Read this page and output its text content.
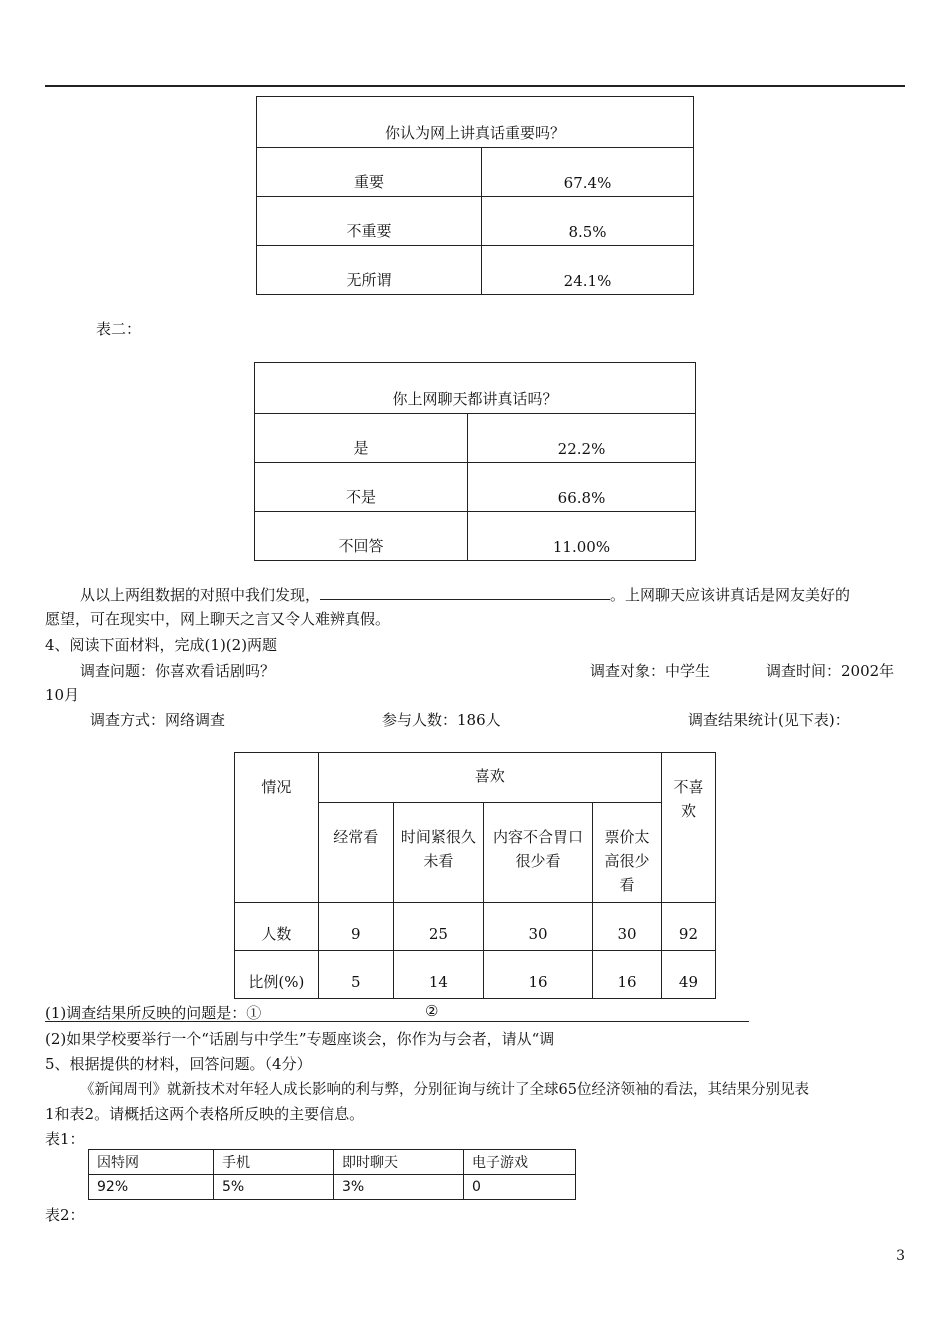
你认为网上讲真话重要吗？	
重要	67.4%
不重要	8.5%
无所谓	24.1%
表二：
你上网聊天都讲真话吗？	
是	22.2%
不是	66.8%
不回答	11.00%
从以上两组数据的对照中我们发现，	。上网聊天应该讲真话是网友美好的
愿望，可在现实中，网上聊天之言又令人难辨真假。
4、阅读下面材料，完成(1)(2)两题
调查问题：你喜欢看话剧吗？	调查对象：中学生	调查时间：2002年
10月
调查方式：网络调查	参与人数：186人	调查结果统计(见下表)：
情况	喜欢				不喜欢
	经常看	时间紧很久未看	内容不合胃口很少看	票价太高很少看	
人数	9	25	30	30	92
比例(%)	5	14	16	16	49
(1)调查结果所反映的问题是：①	②
(2)如果学校要举行一个“话剧与中学生”专题座谈会，你作为与会者，请从“调
5、根据提供的材料，回答问题。（4分）
《新闻周刊》就新技术对年轻人成长影响的利与弊，分别征询与统计了全球65位经济领袖的看法，其结果分别见表
1和表2。请概括这两个表格所反映的主要信息。
表1：
因特网	手机	即时聊天	电子游戏
92%	5%	3%	0
表2：
3
